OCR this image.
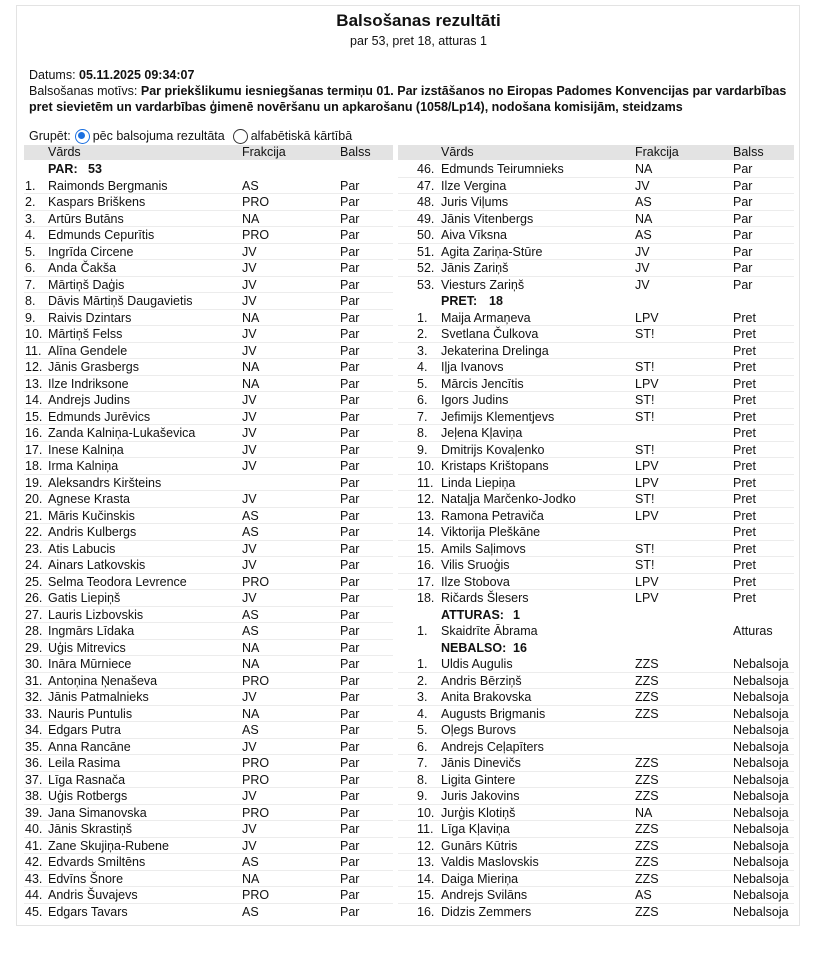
Balsošanas rezultāti
par 53, pret 18, atturas 1
Datums: 05.11.2025 09:34:07
Balsošanas motīvs: Par priekšlikumu iesniegšanas termiņu 01. Par izstāšanos no Eiropas Padomes Konvencijas par vardarbības pret sievietēm un vardarbības ģimenē novēršanu un apkarošanu (1058/Lp14), nodošana komisijām, steidzams
Grupēt: pēc balsojuma rezultāta alfabētiskā kārtībā
Vārds	Frakcija	Balss	Vārds	Frakcija	Balss
PAR: 53
1. Raimonds Bergmanis	AS	Par
2. Kaspars Briškens	PRO	Par
3. Artūrs Butāns	NA	Par
4. Edmunds Cepurītis	PRO	Par
5. Ingrīda Circene	JV	Par
6. Anda Čakša	JV	Par
7. Mārtiņš Daģis	JV	Par
8. Dāvis Mārtiņš Daugavietis	JV	Par
9. Raivis Dzintars	NA	Par
10. Mārtiņš Felss	JV	Par
11. Alīna Gendele	JV	Par
12. Jānis Grasbergs	NA	Par
13. Ilze Indriksone	NA	Par
14. Andrejs Judins	JV	Par
15. Edmunds Jurēvics	JV	Par
16. Zanda Kalniņa-Lukaševica	JV	Par
17. Inese Kalniņa	JV	Par
18. Irma Kalniņa	JV	Par
19. Aleksandrs Kiršteins	Par
20. Agnese Krasta	JV	Par
21. Māris Kučinskis	AS	Par
22. Andris Kulbergs	AS	Par
23. Atis Labucis	JV	Par
24. Ainars Latkovskis	JV	Par
25. Selma Teodora Levrence	PRO	Par
26. Gatis Liepiņš	JV	Par
27. Lauris Lizbovskis	AS	Par
28. Ingmārs Līdaka	AS	Par
29. Uģis Mitrevics	NA	Par
30. Ināra Mūrniece	NA	Par
31. Antoņina Ņenaševa	PRO	Par
32. Jānis Patmalnieks	JV	Par
33. Nauris Puntulis	NA	Par
34. Edgars Putra	AS	Par
35. Anna Rancāne	JV	Par
36. Leila Rasima	PRO	Par
37. Līga Rasnača	PRO	Par
38. Uģis Rotbergs	JV	Par
39. Jana Simanovska	PRO	Par
40. Jānis Skrastiņš	JV	Par
41. Zane Skujiņa-Rubene	JV	Par
42. Edvards Smiltēns	AS	Par
43. Edvīns Šnore	NA	Par
44. Andris Šuvajevs	PRO	Par
45. Edgars Tavars	AS	Par
46. Edmunds Teirumnieks	NA	Par
47. Ilze Vergina	JV	Par
48. Juris Viļums	AS	Par
49. Jānis Vitenbergs	NA	Par
50. Aiva Vīksna	AS	Par
51. Agita Zariņa-Stūre	JV	Par
52. Jānis Zariņš	JV	Par
53. Viesturs Zariņš	JV	Par
PRET: 18
1. Maija Armaņeva	LPV	Pret
2. Svetlana Čulkova	ST!	Pret
3. Jekaterina Drelinga	Pret
4. Iļja Ivanovs	ST!	Pret
5. Mārcis Jencītis	LPV	Pret
6. Igors Judins	ST!	Pret
7. Jefimijs Klementjevs	ST!	Pret
8. Jeļena Kļaviņa	Pret
9. Dmitrijs Kovaļenko	ST!	Pret
10. Kristaps Krištopans	LPV	Pret
11. Linda Liepiņa	LPV	Pret
12. Nataļja Marčenko-Jodko	ST!	Pret
13. Ramona Petraviča	LPV	Pret
14. Viktorija Pleškāne	Pret
15. Amils Saļimovs	ST!	Pret
16. Vilis Sruoģis	ST!	Pret
17. Ilze Stobova	LPV	Pret
18. Ričards Šlesers	LPV	Pret
ATTURAS: 1
1. Skaidrīte Ābrama	Atturas
NEBALSO: 16
1. Uldis Augulis	ZZS	Nebalsoja
2. Andris Bērziņš	ZZS	Nebalsoja
3. Anita Brakovska	ZZS	Nebalsoja
4. Augusts Brigmanis	ZZS	Nebalsoja
5. Oļegs Burovs	Nebalsoja
6. Andrejs Ceļapīters	Nebalsoja
7. Jānis Dinevičs	ZZS	Nebalsoja
8. Ligita Gintere	ZZS	Nebalsoja
9. Juris Jakovins	ZZS	Nebalsoja
10. Jurģis Klotiņš	NA	Nebalsoja
11. Līga Kļaviņa	ZZS	Nebalsoja
12. Gunārs Kūtris	ZZS	Nebalsoja
13. Valdis Maslovskis	ZZS	Nebalsoja
14. Daiga Mieriņa	ZZS	Nebalsoja
15. Andrejs Svilāns	AS	Nebalsoja
16. Didzis Zemmers	ZZS	Nebalsoja
